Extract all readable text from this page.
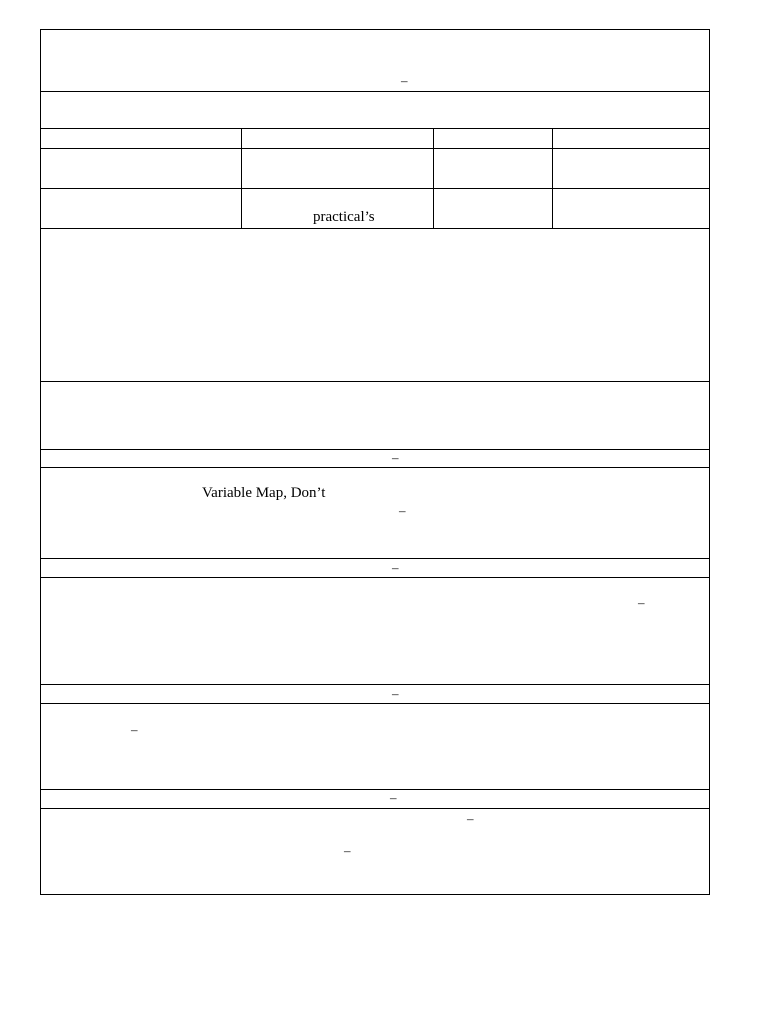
–
practical’s
–
Variable Map, Don’t
–
–
–
–
–
–
–
–
